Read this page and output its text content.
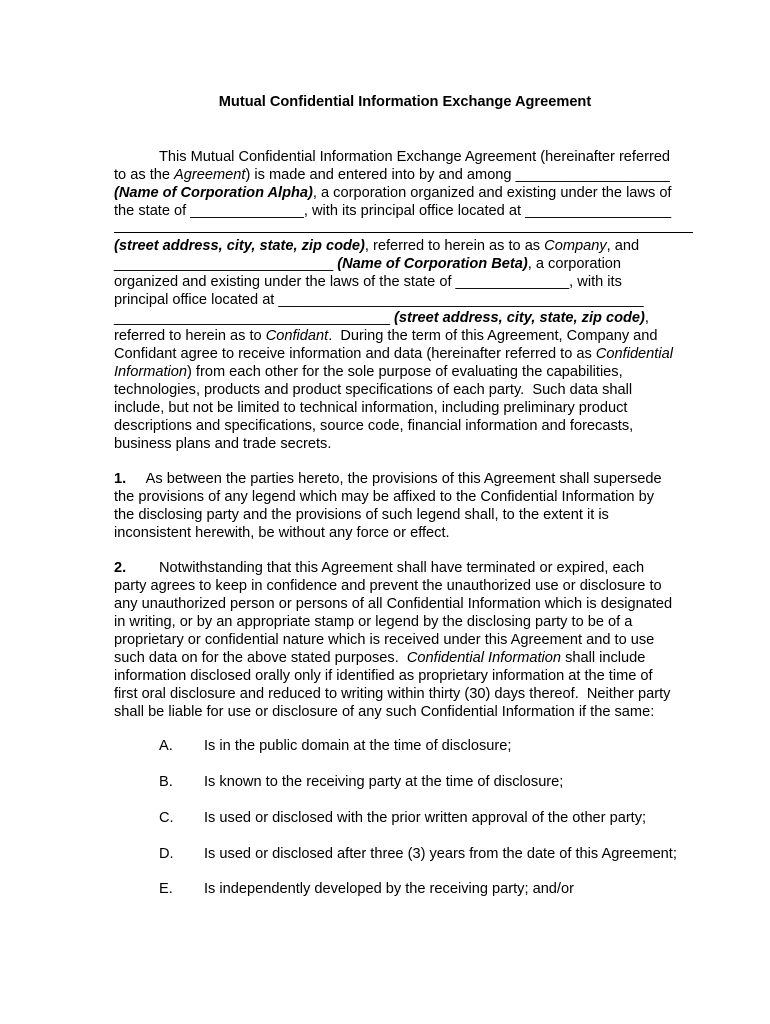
Mutual Confidential Information Exchange Agreement
This Mutual Confidential Information Exchange Agreement (hereinafter referred
to as the Agreement) is made and entered into by and among ___________________
(Name of Corporation Alpha), a corporation organized and existing under the laws of
the state of ______________, with its principal office located at __________________
(street address, city, state, zip code), referred to herein as to as Company, and
___________________________ (Name of Corporation Beta), a corporation
organized and existing under the laws of the state of ______________, with its
principal office located at _____________________________________________
__________________________________ (street address, city, state, zip code),
referred to herein as to Confidant.  During the term of this Agreement, Company and
Confidant agree to receive information and data (hereinafter referred to as Confidential
Information) from each other for the sole purpose of evaluating the capabilities,
technologies, products and product specifications of each party.  Such data shall
include, but not be limited to technical information, including preliminary product
descriptions and specifications, source code, financial information and forecasts,
business plans and trade secrets.
1. As between the parties hereto, the provisions of this Agreement shall supersede
the provisions of any legend which may be affixed to the Confidential Information by
the disclosing party and the provisions of such legend shall, to the extent it is
inconsistent herewith, be without any force or effect.
2. Notwithstanding that this Agreement shall have terminated or expired, each
party agrees to keep in confidence and prevent the unauthorized use or disclosure to
any unauthorized person or persons of all Confidential Information which is designated
in writing, or by an appropriate stamp or legend by the disclosing party to be of a
proprietary or confidential nature which is received under this Agreement and to use
such data on for the above stated purposes.  Confidential Information shall include
information disclosed orally only if identified as proprietary information at the time of
first oral disclosure and reduced to writing within thirty (30) days thereof.  Neither party
shall be liable for use or disclosure of any such Confidential Information if the same:
A. Is in the public domain at the time of disclosure;
B. Is known to the receiving party at the time of disclosure;
C. Is used or disclosed with the prior written approval of the other party;
D. Is used or disclosed after three (3) years from the date of this Agreement;
E. Is independently developed by the receiving party; and/or
